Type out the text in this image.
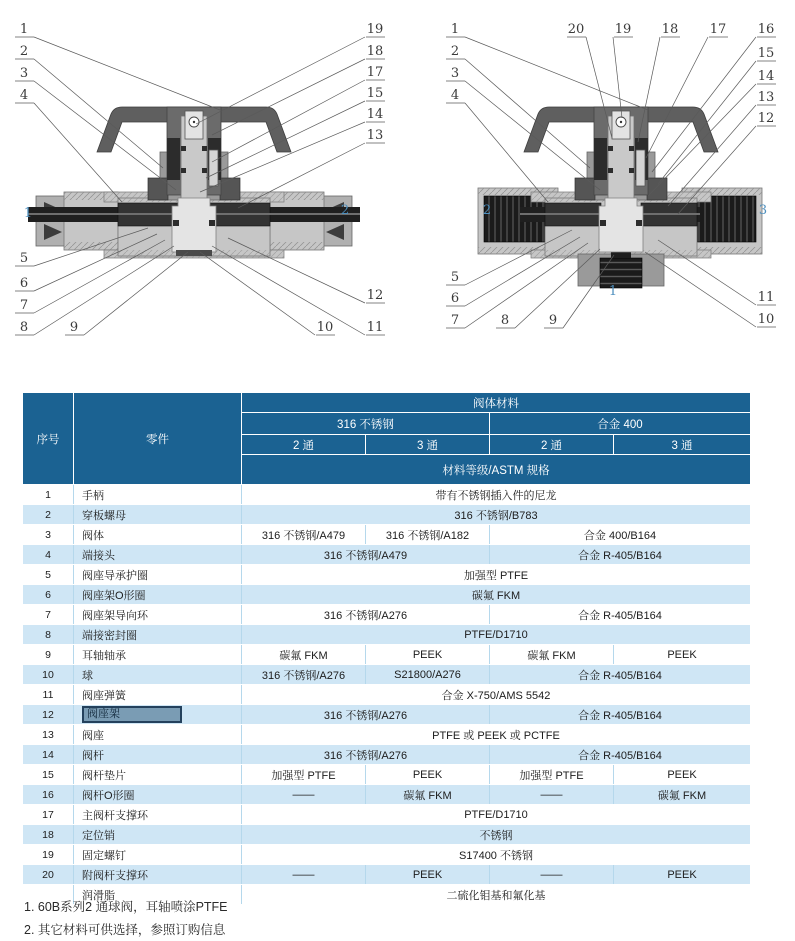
1
2
3
4
5
6
7
8	9	10	11
12
13
14
15
17
18
19
1	2
1
2
3
4
5
6
7	8	9
20 19 18 17 16
15
14
13
12
11
10
2	3
1
序号	零件	阀体材料			
		316 不锈钢		合金 400	
		2 通	3 通	2 通	3 通
		材料等级/ASTM 规格			
1	手柄	带有不锈钢插入件的尼龙			
2	穿板螺母	316 不锈钢/B783			
3	阀体	316 不锈钢/A479	316 不锈钢/A182	合金 400/B164	
4	端接头	316 不锈钢/A479		合金 R-405/B164	
5	阀座导承护圈	加强型 PTFE			
6	阀座架O形圈	碳氟 FKM			
7	阀座架导向环	316 不锈钢/A276		合金 R-405/B164	
8	端接密封圈	PTFE/D1710			
9	耳轴轴承	碳氟 FKM	PEEK	碳氟 FKM	PEEK
10	球	316 不锈钢/A276	S21800/A276	合金 R-405/B164	
11	阀座弹簧	合金 X-750/AMS 5542			
12	阀座架	316 不锈钢/A276		合金 R-405/B164	
13	阀座	PTFE 或 PEEK 或 PCTFE			
14	阀杆	316 不锈钢/A276		合金 R-405/B164	
15	阀杆垫片	加强型 PTFE	PEEK	加强型 PTFE	PEEK
16	阀杆O形圈	——	碳氟 FKM	——	碳氟 FKM
17	主阀杆支撑环	PTFE/D1710			
18	定位销	不锈钢			
19	固定螺钉	S17400 不锈钢			
20	附阀杆支撑环	——	PEEK	——	PEEK
	润滑脂	二硫化钼基和氟化基			
1. 60B系列2 通球阀，耳轴喷涂PTFE
2. 其它材料可供选择，参照订购信息
